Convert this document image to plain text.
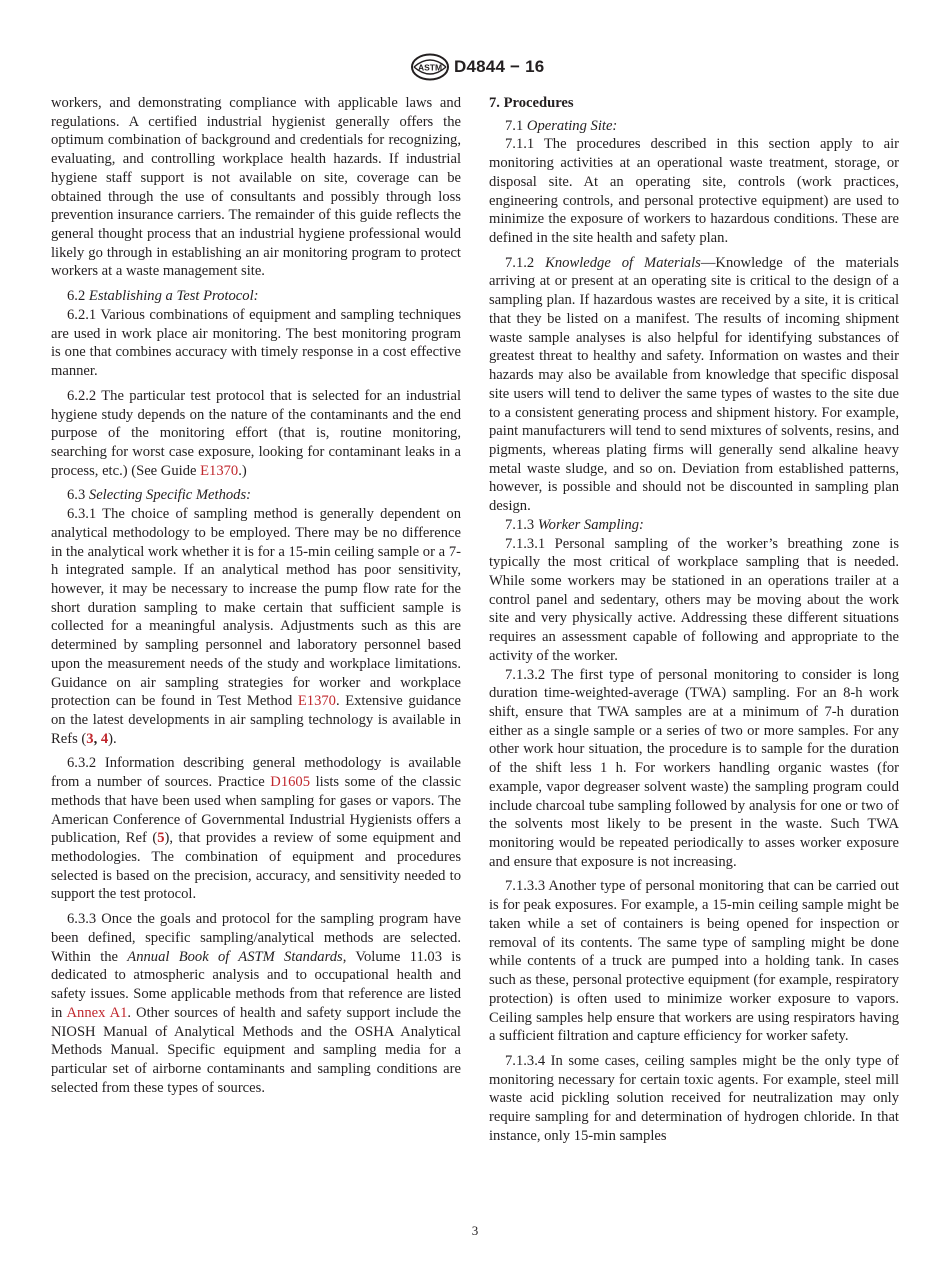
ASTM D4844 − 16

workers, and demonstrating compliance with applicable laws and regulations. A certified industrial hygienist generally offers the optimum combination of background and credentials for recognizing, evaluating, and controlling workplace health hazards. If industrial hygiene staff support is not available on site, coverage can be obtained through the use of consultants and possibly through loss prevention insurance carriers. The remainder of this guide reflects the general thought process that an industrial hygiene professional would likely go through in establishing an air monitoring program to protect workers at a waste management site.

6.2 Establishing a Test Protocol:

6.2.1 Various combinations of equipment and sampling techniques are used in work place air monitoring. The best monitoring program is one that combines accuracy with timely response in a cost effective manner.

6.2.2 The particular test protocol that is selected for an industrial hygiene study depends on the nature of the contaminants and the end purpose of the monitoring effort (that is, routine monitoring, searching for worst case exposure, looking for contaminant leaks in a process, etc.) (See Guide E1370.)

6.3 Selecting Specific Methods:

6.3.1 The choice of sampling method is generally dependent on analytical methodology to be employed. There may be no difference in the analytical work whether it is for a 15-min ceiling sample or a 7-h integrated sample. If an analytical method has poor sensitivity, however, it may be necessary to increase the pump flow rate for the short duration sampling to make certain that sufficient sample is collected for a meaningful analysis. Adjustments such as this are determined by sampling personnel and laboratory personnel based upon the measurement needs of the study and workplace limitations. Guidance on air sampling strategies for worker and workplace protection can be found in Test Method E1370. Extensive guidance on the latest developments in air sampling technology is available in Refs (3, 4).

6.3.2 Information describing general methodology is available from a number of sources. Practice D1605 lists some of the classic methods that have been used when sampling for gases or vapors. The American Conference of Governmental Industrial Hygienists offers a publication, Ref (5), that provides a review of some equipment and methodologies. The combination of equipment and procedures selected is based on the precision, accuracy, and sensitivity needed to support the test protocol.

6.3.3 Once the goals and protocol for the sampling program have been defined, specific sampling/analytical methods are selected. Within the Annual Book of ASTM Standards, Volume 11.03 is dedicated to atmospheric analysis and to occupational health and safety issues. Some applicable methods from that reference are listed in Annex A1. Other sources of health and safety support include the NIOSH Manual of Analytical Methods and the OSHA Analytical Methods Manual. Specific equipment and sampling media for a particular set of airborne contaminants and sampling conditions are selected from these types of sources.

7. Procedures

7.1 Operating Site:

7.1.1 The procedures described in this section apply to air monitoring activities at an operational waste treatment, storage, or disposal site. At an operating site, controls (work practices, engineering controls, and personal protective equipment) are used to minimize the exposure of workers to hazardous conditions. These are defined in the site health and safety plan.

7.1.2 Knowledge of Materials—Knowledge of the materials arriving at or present at an operating site is critical to the design of a sampling plan. If hazardous wastes are received by a site, it is critical that they be listed on a manifest. The results of incoming shipment waste sample analyses is also helpful for identifying substances of greatest threat to healthy and safety. Information on wastes and their hazards may also be available from knowledge that specific disposal site users will tend to deliver the same types of wastes to the site due to a consistent generating process and shipment history. For example, paint manufacturers will tend to send mixtures of solvents, resins, and pigments, whereas plating firms will generally send alkaline heavy metal waste sludge, and so on. Deviation from established patterns, however, is possible and should not be discounted in sampling plan design.

7.1.3 Worker Sampling:

7.1.3.1 Personal sampling of the worker’s breathing zone is typically the most critical of workplace sampling that is needed. While some workers may be stationed in an operations trailer at a control panel and sedentary, others may be moving about the work site and very physically active. Addressing these different situations requires an assessment capable of following and appropriate to the activity of the worker.

7.1.3.2 The first type of personal monitoring to consider is long duration time-weighted-average (TWA) sampling. For an 8-h work shift, ensure that TWA samples are at a minimum of 7-h duration either as a single sample or a series of two or more samples. For any other work hour situation, the procedure is to sample for the duration of the shift less 1 h. For workers handling organic wastes (for example, vapor degreaser solvent waste) the sampling program could include charcoal tube sampling followed by analysis for one or two of the solvents most likely to be present in the waste. Such TWA monitoring would be repeated periodically to asses worker exposure and ensure that exposure is not increasing.

7.1.3.3 Another type of personal monitoring that can be carried out is for peak exposures. For example, a 15-min ceiling sample might be taken while a set of containers is being opened for inspection or removal of its contents. The same type of sampling might be done while contents of a truck are pumped into a holding tank. In cases such as these, personal protective equipment (for example, respiratory protection) is often used to minimize worker exposure to vapors. Ceiling samples help ensure that workers are using respirators having a sufficient filtration and capture efficiency for worker safety.

7.1.3.4 In some cases, ceiling samples might be the only type of monitoring necessary for certain toxic agents. For example, steel mill waste acid pickling solution received for neutralization may only require sampling for and determination of hydrogen chloride. In that instance, only 15-min samples

3
